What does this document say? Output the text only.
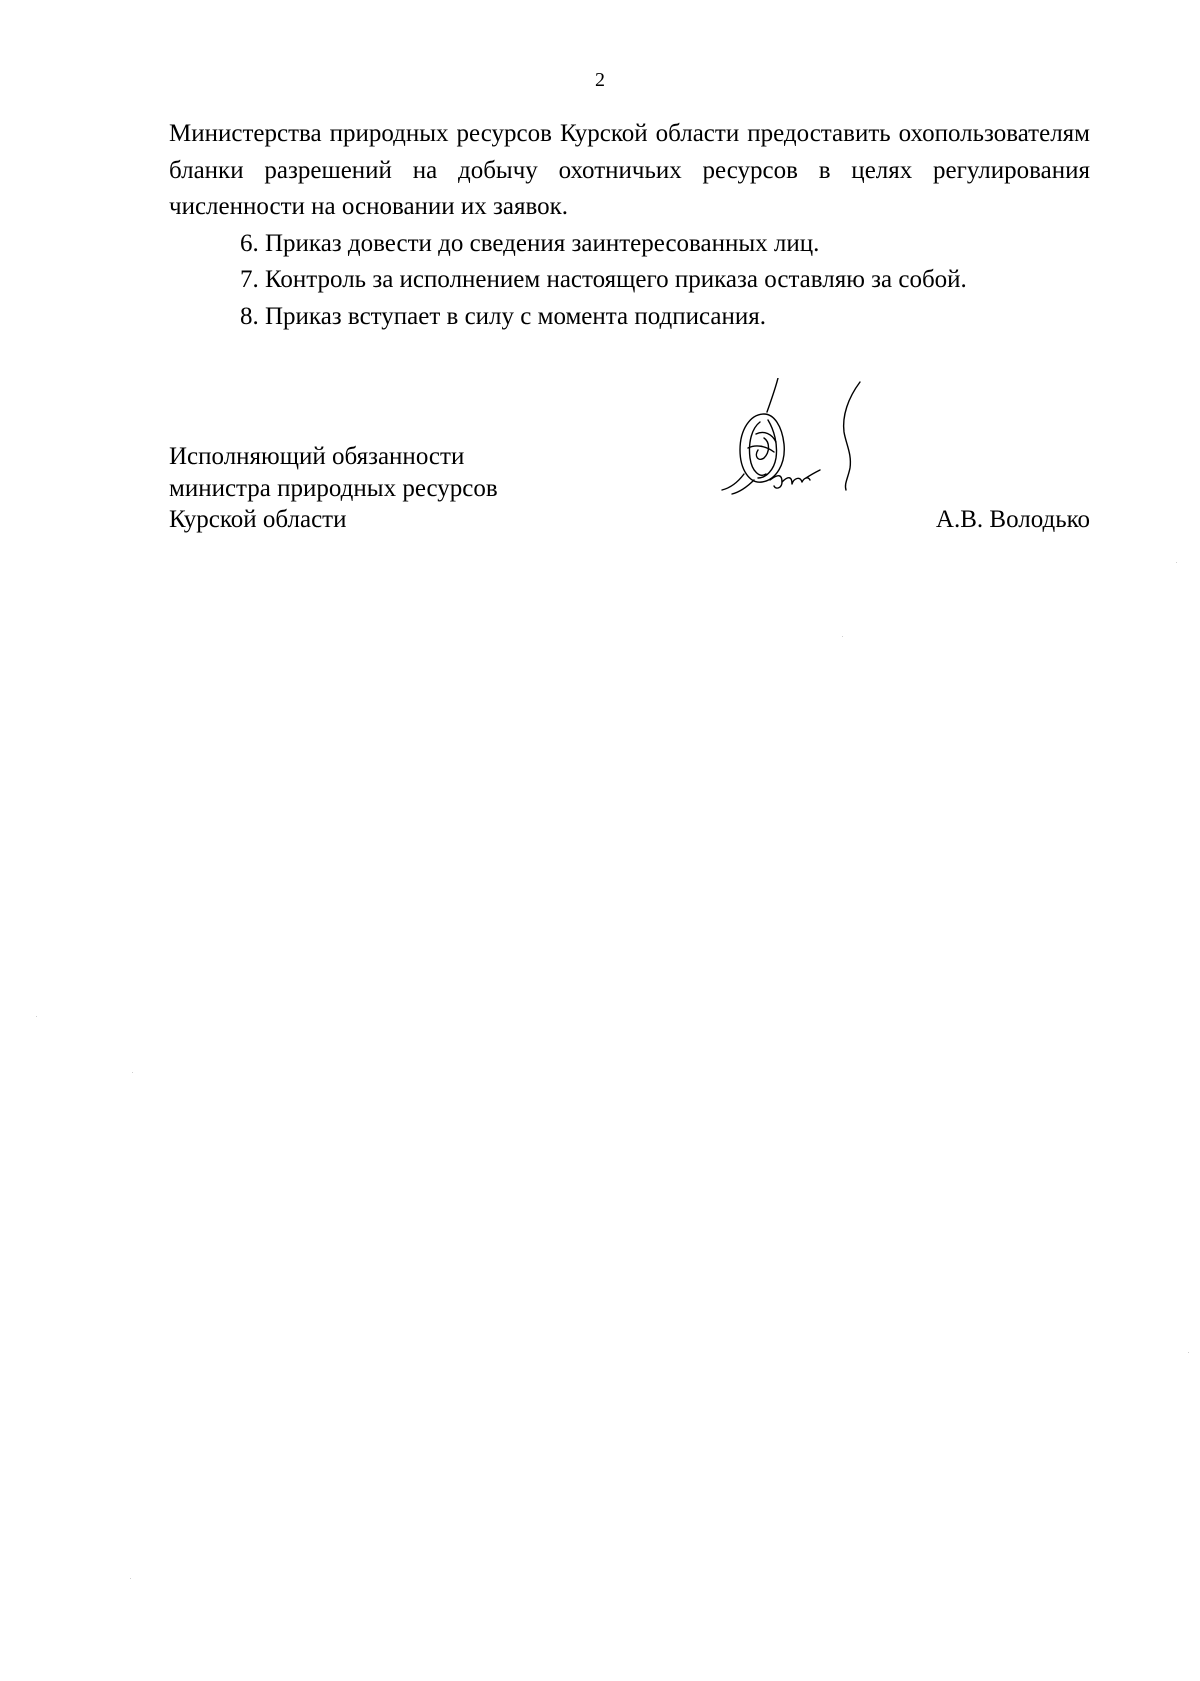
2

Министерства природных ресурсов Курской области предоставить охопользователям бланки разрешений на добычу охотничьих ресурсов в целях регулирования численности на основании их заявок.

6. Приказ довести до сведения заинтересованных лиц.

7. Контроль за исполнением настоящего приказа оставляю за собой.

8. Приказ вступает в силу с момента подписания.

Исполняющий обязанности
министра природных ресурсов
Курской области	А.В. Володько
